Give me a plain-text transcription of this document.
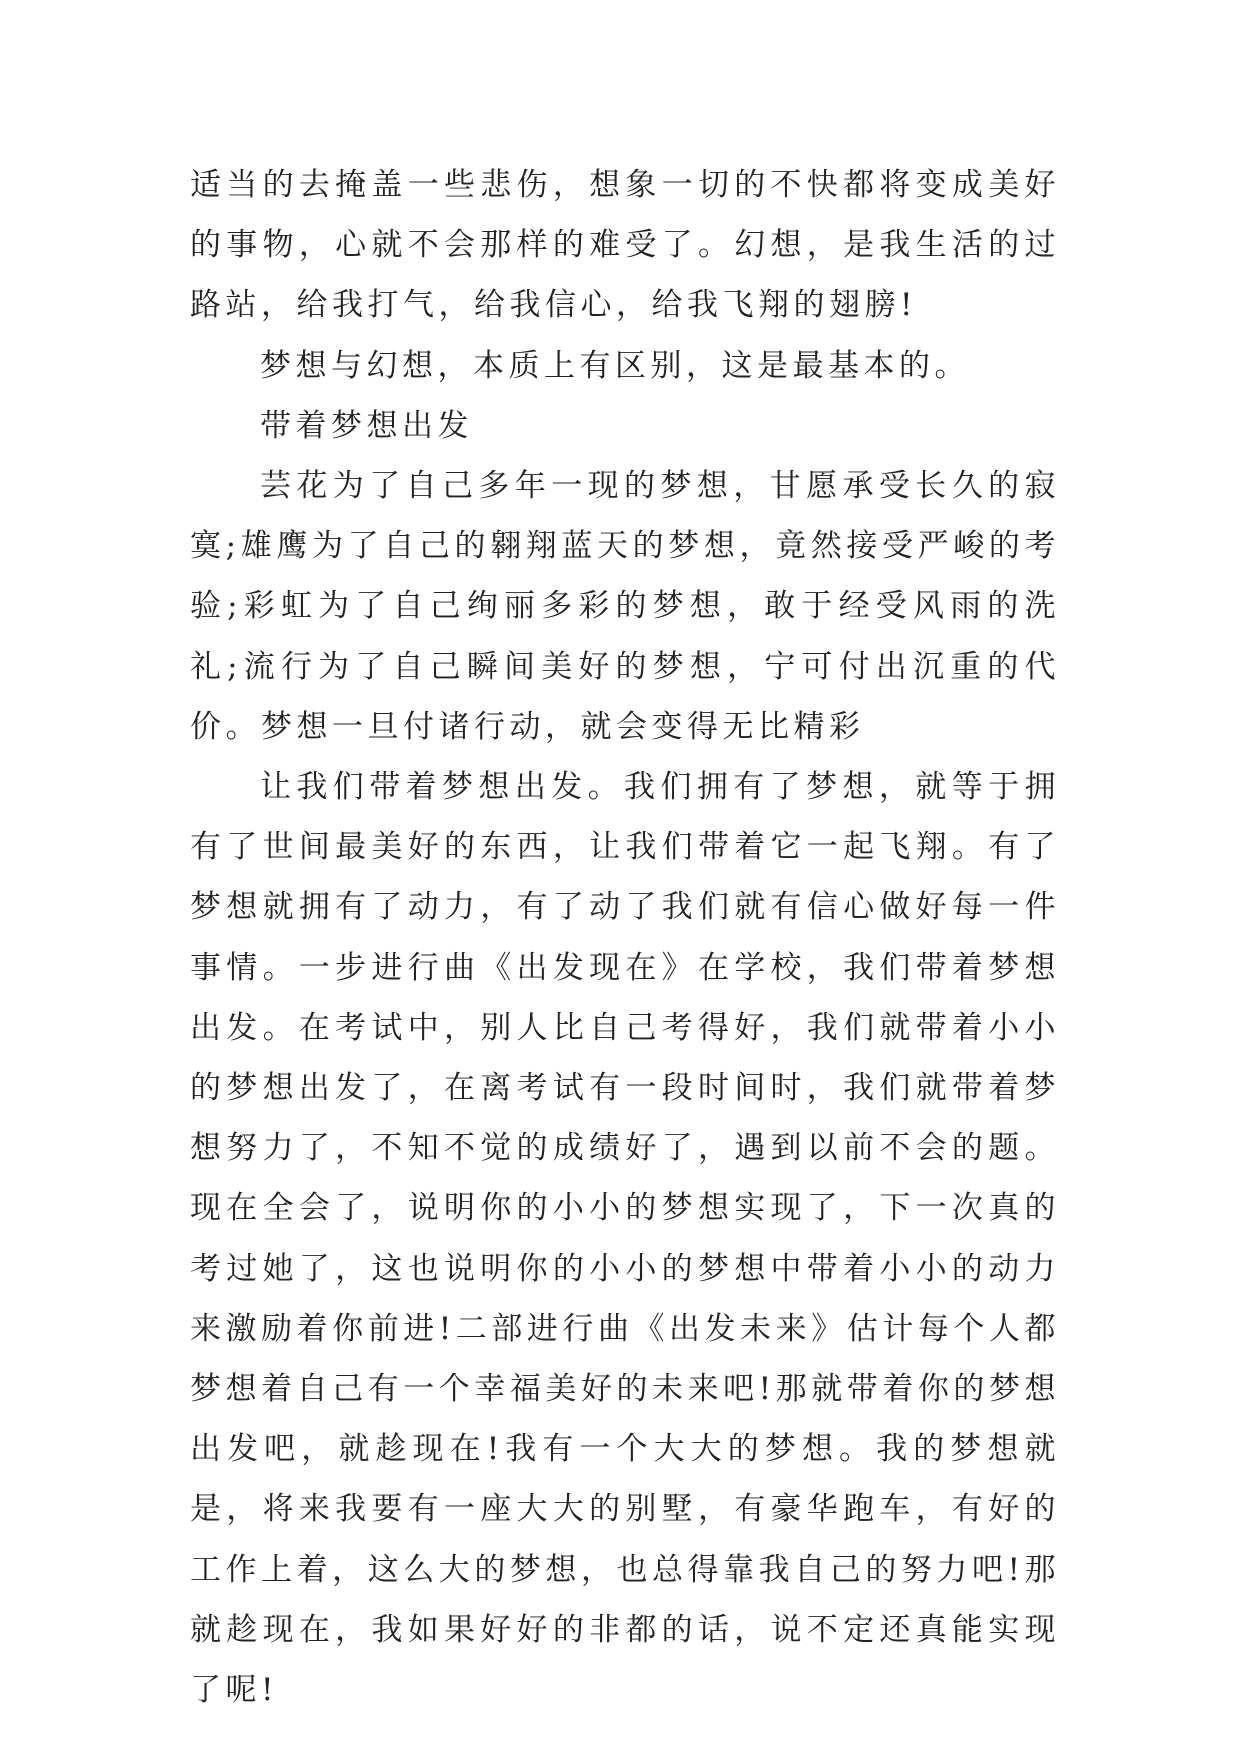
适当的去掩盖一些悲伤，想象一切的不快都将变成美好的事物，心就不会那样的难受了。幻想，是我生活的过路站，给我打气，给我信心，给我飞翔的翅膀!

梦想与幻想，本质上有区别，这是最基本的。

带着梦想出发

芸花为了自己多年一现的梦想，甘愿承受长久的寂寞;雄鹰为了自己的翱翔蓝天的梦想，竟然接受严峻的考验;彩虹为了自己绚丽多彩的梦想，敢于经受风雨的洗礼;流行为了自己瞬间美好的梦想，宁可付出沉重的代价。梦想一旦付诸行动，就会变得无比精彩

让我们带着梦想出发。我们拥有了梦想，就等于拥有了世间最美好的东西，让我们带着它一起飞翔。有了梦想就拥有了动力，有了动了我们就有信心做好每一件事情。一步进行曲《出发现在》在学校，我们带着梦想出发。在考试中，别人比自己考得好，我们就带着小小的梦想出发了，在离考试有一段时间时，我们就带着梦想努力了，不知不觉的成绩好了，遇到以前不会的题。现在全会了，说明你的小小的梦想实现了，下一次真的考过她了，这也说明你的小小的梦想中带着小小的动力来激励着你前进!二部进行曲《出发未来》估计每个人都梦想着自己有一个幸福美好的未来吧!那就带着你的梦想出发吧，就趁现在!我有一个大大的梦想。我的梦想就是，将来我要有一座大大的别墅，有豪华跑车，有好的工作上着，这么大的梦想，也总得靠我自己的努力吧!那就趁现在，我如果好好的非都的话，说不定还真能实现了呢!
